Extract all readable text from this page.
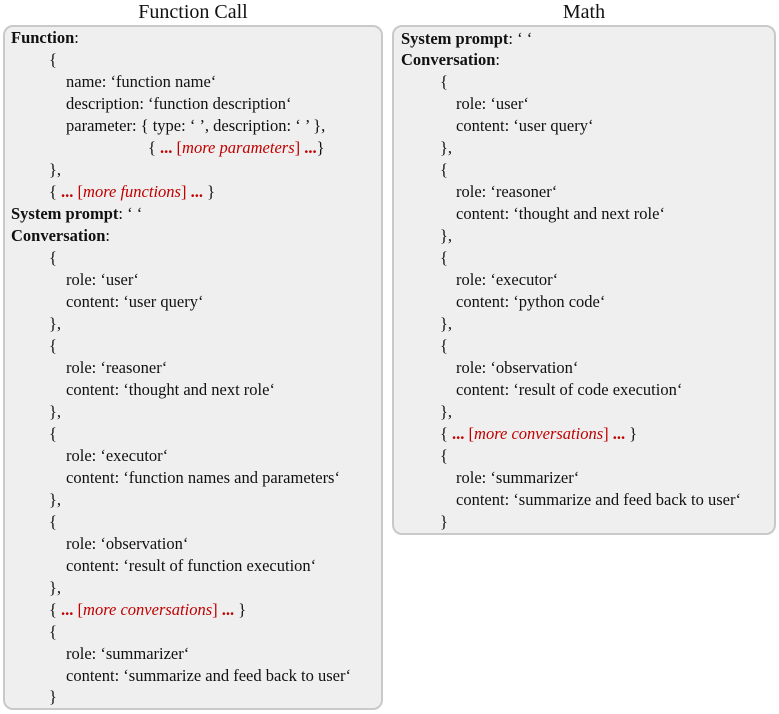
Function Call	Math
Function:
{
name: ‘function name‘
description: ‘function description‘
parameter: { type: ‘ ’, description: ‘ ’ },
{ ... [more parameters] ...}
},
{ ... [more functions] ... }
System prompt: ‘ ‘
Conversation:
{
role: ‘user‘
content: ‘user query‘
},
{
role: ‘reasoner‘
content: ‘thought and next role‘
},
{
role: ‘executor‘
content: ‘function names and parameters‘
},
{
role: ‘observation‘
content: ‘result of function execution‘
},
{ ... [more conversations] ... }
{
role: ‘summarizer‘
content: ‘summarize and feed back to user‘
}
System prompt: ‘ ‘
Conversation:
{
role: ‘user‘
content: ‘user query‘
},
{
role: ‘reasoner‘
content: ‘thought and next role‘
},
{
role: ‘executor‘
content: ‘python code‘
},
{
role: ‘observation‘
content: ‘result of code execution‘
},
{ ... [more conversations] ... }
{
role: ‘summarizer‘
content: ‘summarize and feed back to user‘
}
